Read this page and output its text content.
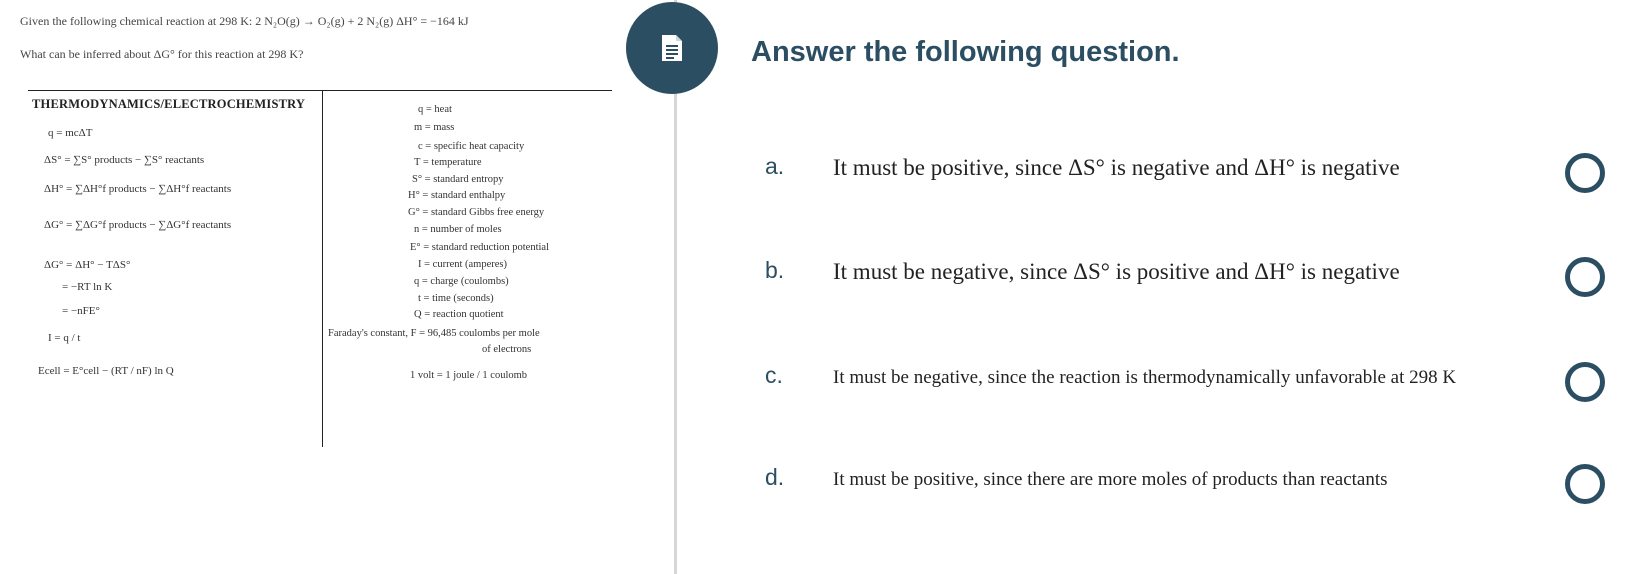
Given the following chemical reaction at 298 K: 2 N₂O(g) → O₂(g) + 2 N₂(g) ΔH° = −164 kJ
What can be inferred about ΔG° for this reaction at 298 K?
THERMODYNAMICS/ELECTROCHEMISTRY
q = mcΔT
ΔS° = ∑S° products − ∑S° reactants
ΔH° = ∑ΔH°f products − ∑ΔH°f reactants
ΔG° = ∑ΔG°f products − ∑ΔG°f reactants
ΔG° = ΔH° − TΔS°
= −RT ln K
= −nFE°
I = q / t
Ecell = E°cell − (RT / nF) ln Q
q = heat
m = mass
c = specific heat capacity
T = temperature
S° = standard entropy
H° = standard enthalpy
G° = standard Gibbs free energy
n = number of moles
E° = standard reduction potential
I = current (amperes)
q = charge (coulombs)
t = time (seconds)
Q = reaction quotient
Faraday's constant, F = 96,485 coulombs per mole
of electrons
1 volt = 1 joule / 1 coulomb
Answer the following question.
a. It must be positive, since ΔS° is negative and ΔH° is negative
b. It must be negative, since ΔS° is positive and ΔH° is negative
c.	It must be negative, since the reaction is thermodynamically unfavorable at 298 K
d.	It must be positive, since there are more moles of products than reactants
